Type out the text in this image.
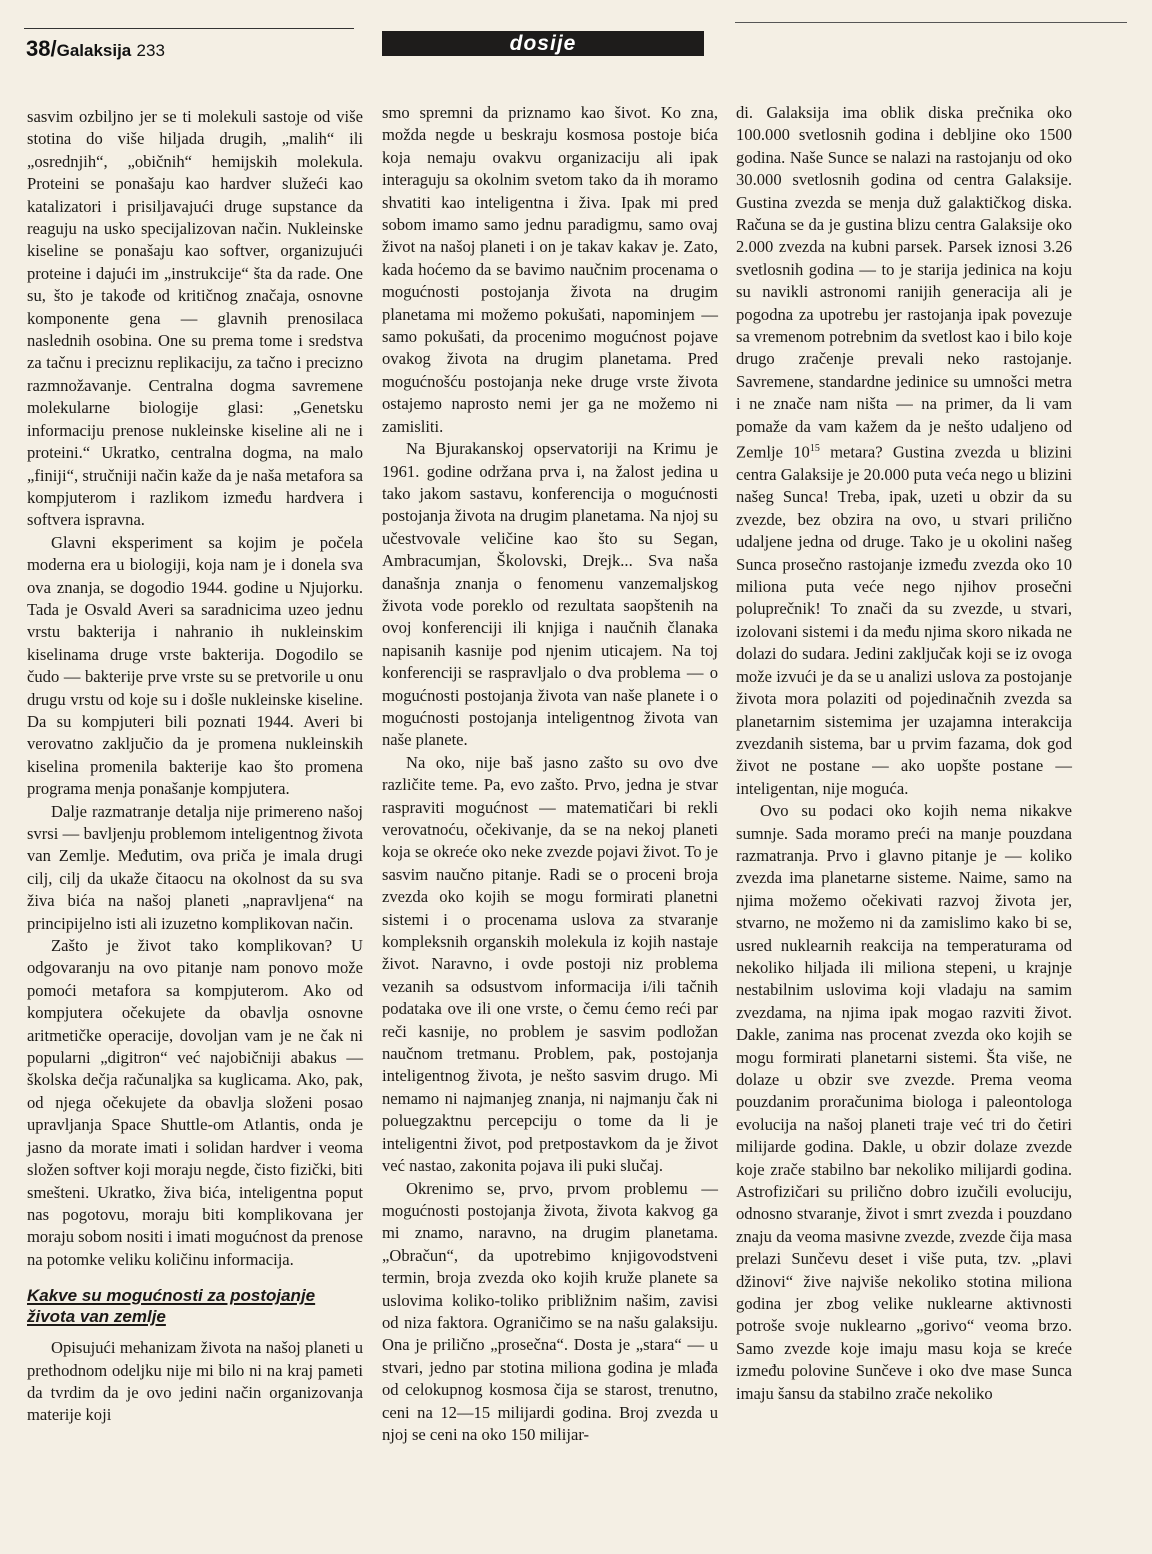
38/Galaksija 233	dosije

sasvim ozbiljno jer se ti molekuli sastoje od više stotina do više hiljada drugih, „malih“ ili „osrednjih“, „običnih“ hemijskih molekula. Proteini se ponašaju kao hardver služeći kao katalizatori i prisiljavajući druge supstance da reaguju na usko specijalizovan način. Nukleinske kiseline se ponašaju kao softver, organizujući proteine i dajući im „instrukcije“ šta da rade. One su, što je takođe od kritičnog značaja, osnovne komponente gena — glavnih prenosilaca naslednih osobina. One su prema tome i sredstva za tačnu i preciznu replikaciju, za tačno i precizno razmnožavanje. Centralna dogma savremene molekularne biologije glasi: „Genetsku informaciju prenose nukleinske kiseline ali ne i proteini.“ Ukratko, centralna dogma, na malo „finiji“, stručniji način kaže da je naša metafora sa kompjuterom i razlikom između hardvera i softvera ispravna.

Glavni eksperiment sa kojim je počela moderna era u biologiji, koja nam je i donela sva ova znanja, se dogodio 1944. godine u Njujorku. Tada je Osvald Averi sa saradnicima uzeo jednu vrstu bakterija i nahranio ih nukleinskim kiselinama druge vrste bakterija. Dogodilo se čudo — bakterije prve vrste su se pretvorile u onu drugu vrstu od koje su i došle nukleinske kiseline. Da su kompjuteri bili poznati 1944. Averi bi verovatno zaključio da je promena nukleinskih kiselina promenila bakterije kao što promena programa menja ponašanje kompjutera.

Dalje razmatranje detalja nije primereno našoj svrsi — bavljenju problemom inteligentnog života van Zemlje. Međutim, ova priča je imala drugi cilj, cilj da ukaže čitaocu na okolnost da su sva živa bića na našoj planeti „napravljena“ na principijelno isti ali izuzetno komplikovan način.

Zašto je život tako komplikovan? U odgovaranju na ovo pitanje nam ponovo može pomoći metafora sa kompjuterom. Ako od kompjutera očekujete da obavlja osnovne aritmetičke operacije, dovoljan vam je ne čak ni popularni „digitron“ već najobičniji abakus — školska dečja računaljka sa kuglicama. Ako, pak, od njega očekujete da obavlja složeni posao upravljanja Space Shuttle-om Atlantis, onda je jasno da morate imati i solidan hardver i veoma složen softver koji moraju negde, čisto fizički, biti smešteni. Ukratko, živa bića, inteligentna poput nas pogotovu, moraju biti komplikovana jer moraju sobom nositi i imati mogućnost da prenose na potomke veliku količinu informacija.

Kakve su mogućnosti za postojanje života van zemlje

Opisujući mehanizam života na našoj planeti u prethodnom odeljku nije mi bilo ni na kraj pameti da tvrdim da je ovo jedini način organizovanja materije koji

smo spremni da priznamo kao šivot. Ko zna, možda negde u beskraju kosmosa postoje bića koja nemaju ovakvu organizaciju ali ipak interaguju sa okolnim svetom tako da ih moramo shvatiti kao inteligentna i živa. Ipak mi pred sobom imamo samo jednu paradigmu, samo ovaj život na našoj planeti i on je takav kakav je. Zato, kada hoćemo da se bavimo naučnim procenama o mogućnosti postojanja života na drugim planetama mi možemo pokušati, napominjem — samo pokušati, da procenimo mogućnost pojave ovakog života na drugim planetama. Pred mogućnošću postojanja neke druge vrste života ostajemo naprosto nemi jer ga ne možemo ni zamisliti.

Na Bjurakanskoj opservatoriji na Krimu je 1961. godine održana prva i, na žalost jedina u tako jakom sastavu, konferencija o mogućnosti postojanja života na drugim planetama. Na njoj su učestvovale veličine kao što su Segan, Ambracumjan, Školovski, Drejk... Sva naša današnja znanja o fenomenu vanzemaljskog života vode poreklo od rezultata saopštenih na ovoj konferenciji ili knjiga i naučnih članaka napisanih kasnije pod njenim uticajem. Na toj konferenciji se raspravljalo o dva problema — o mogućnosti postojanja života van naše planete i o mogućnosti postojanja inteligentnog života van naše planete.

Na oko, nije baš jasno zašto su ovo dve različite teme. Pa, evo zašto. Prvo, jedna je stvar raspraviti mogućnost — matematičari bi rekli verovatnoću, očekivanje, da se na nekoj planeti koja se okreće oko neke zvezde pojavi život. To je sasvim naučno pitanje. Radi se o proceni broja zvezda oko kojih se mogu formirati planetni sistemi i o procenama uslova za stvaranje kompleksnih organskih molekula iz kojih nastaje život. Naravno, i ovde postoji niz problema vezanih sa odsustvom informacija i/ili tačnih podataka ove ili one vrste, o čemu ćemo reći par reči kasnije, no problem je sasvim podložan naučnom tretmanu. Problem, pak, postojanja inteligentnog života, je nešto sasvim drugo. Mi nemamo ni najmanjeg znanja, ni najmanju čak ni poluegzaktnu percepciju o tome da li je inteligentni život, pod pretpostavkom da je život već nastao, zakonita pojava ili puki slučaj.

Okrenimo se, prvo, prvom problemu — mogućnosti postojanja života, života kakvog ga mi znamo, naravno, na drugim planetama. „Obračun“, da upotrebimo knjigovodstveni termin, broja zvezda oko kojih kruže planete sa uslovima koliko-toliko približnim našim, zavisi od niza faktora. Ograničimo se na našu galaksiju. Ona je prilično „prosečna“. Dosta je „stara“ — u stvari, jedno par stotina miliona godina je mlađa od celokupnog kosmosa čija se starost, trenutno, ceni na 12—15 milijardi godina. Broj zvezda u njoj se ceni na oko 150 milijar-

di. Galaksija ima oblik diska prečnika oko 100.000 svetlosnih godina i debljine oko 1500 godina. Naše Sunce se nalazi na rastojanju od oko 30.000 svetlosnih godina od centra Galaksije. Gustina zvezda se menja duž galaktičkog diska. Računa se da je gustina blizu centra Galaksije oko 2.000 zvezda na kubni parsek. Parsek iznosi 3.26 svetlosnih godina — to je starija jedinica na koju su navikli astronomi ranijih generacija ali je pogodna za upotrebu jer rastojanja ipak povezuje sa vremenom potrebnim da svetlost kao i bilo koje drugo zračenje prevali neko rastojanje. Savremene, standardne jedinice su umnošci metra i ne znače nam ništa — na primer, da li vam pomaže da vam kažem da je nešto udaljeno od Zemlje $10^{15}$ metara? Gustina zvezda u blizini centra Galaksije je 20.000 puta veća nego u blizini našeg Sunca! Treba, ipak, uzeti u obzir da su zvezde, bez obzira na ovo, u stvari prilično udaljene jedna od druge. Tako je u okolini našeg Sunca prosečno rastojanje između zvezda oko 10 miliona puta veće nego njihov prosečni poluprečnik! To znači da su zvezde, u stvari, izolovani sistemi i da među njima skoro nikada ne dolazi do sudara. Jedini zaključak koji se iz ovoga može izvući je da se u analizi uslova za postojanje života mora polaziti od pojedinačnih zvezda sa planetarnim sistemima jer uzajamna interakcija zvezdanih sistema, bar u prvim fazama, dok god život ne postane — ako uopšte postane — inteligentan, nije moguća.

Ovo su podaci oko kojih nema nikakve sumnje. Sada moramo preći na manje pouzdana razmatranja. Prvo i glavno pitanje je — koliko zvezda ima planetarne sisteme. Naime, samo na njima možemo očekivati razvoj života jer, stvarno, ne možemo ni da zamislimo kako bi se, usred nuklearnih reakcija na temperaturama od nekoliko hiljada ili miliona stepeni, u krajnje nestabilnim uslovima koji vladaju na samim zvezdama, na njima ipak mogao razviti život. Dakle, zanima nas procenat zvezda oko kojih se mogu formirati planetarni sistemi. Šta više, ne dolaze u obzir sve zvezde. Prema veoma pouzdanim proračunima biologa i paleontologa evolucija na našoj planeti traje već tri do četiri milijarde godina. Dakle, u obzir dolaze zvezde koje zrače stabilno bar nekoliko milijardi godina. Astrofizičari su prilično dobro izučili evoluciju, odnosno stvaranje, život i smrt zvezda i pouzdano znaju da veoma masivne zvezde, zvezde čija masa prelazi Sunčevu deset i više puta, tzv. „plavi džinovi“ žive najviše nekoliko stotina miliona godina jer zbog velike nuklearne aktivnosti potroše svoje nuklearno „gorivo“ veoma brzo. Samo zvezde koje imaju masu koja se kreće između polovine Sunčeve i oko dve mase Sunca imaju šansu da stabilno zrače nekoliko
